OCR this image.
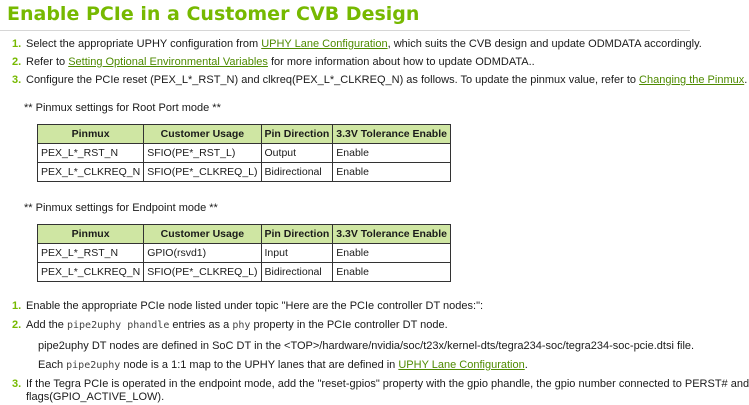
Enable PCIe in a Customer CVB Design
1. Select the appropriate UPHY configuration from UPHY Lane Configuration, which suits the CVB design and update ODMDATA accordingly.
2. Refer to Setting Optional Environmental Variables for more information about how to update ODMDATA..
3. Configure the PCIe reset (PEX_L*_RST_N) and clkreq(PEX_L*_CLKREQ_N) as follows. To update the pinmux value, refer to Changing the Pinmux.
** Pinmux settings for Root Port mode **
Pinmux	Customer Usage	Pin Direction	3.3V Tolerance Enable
PEX_L*_RST_N	SFIO(PE*_RST_L)	Output	Enable
PEX_L*_CLKREQ_N	SFIO(PE*_CLKREQ_L)	Bidirectional	Enable
** Pinmux settings for Endpoint mode **
Pinmux	Customer Usage	Pin Direction	3.3V Tolerance Enable
PEX_L*_RST_N	GPIO(rsvd1)	Input	Enable
PEX_L*_CLKREQ_N	SFIO(PE*_CLKREQ_L)	Bidirectional	Enable
1. Enable the appropriate PCIe node listed under topic "Here are the PCIe controller DT nodes:":
2. Add the pipe2uphy phandle entries as a phy property in the PCIe controller DT node.
pipe2uphy DT nodes are defined in SoC DT in the <TOP>/hardware/nvidia/soc/t23x/kernel-dts/tegra234-soc/tegra234-soc-pcie.dtsi file.
Each pipe2uphy node is a 1:1 map to the UPHY lanes that are defined in UPHY Lane Configuration.
3. If the Tegra PCIe is operated in the endpoint mode, add the "reset-gpios" property with the gpio phandle, the gpio number connected to PERST# and
flags(GPIO_ACTIVE_LOW).
